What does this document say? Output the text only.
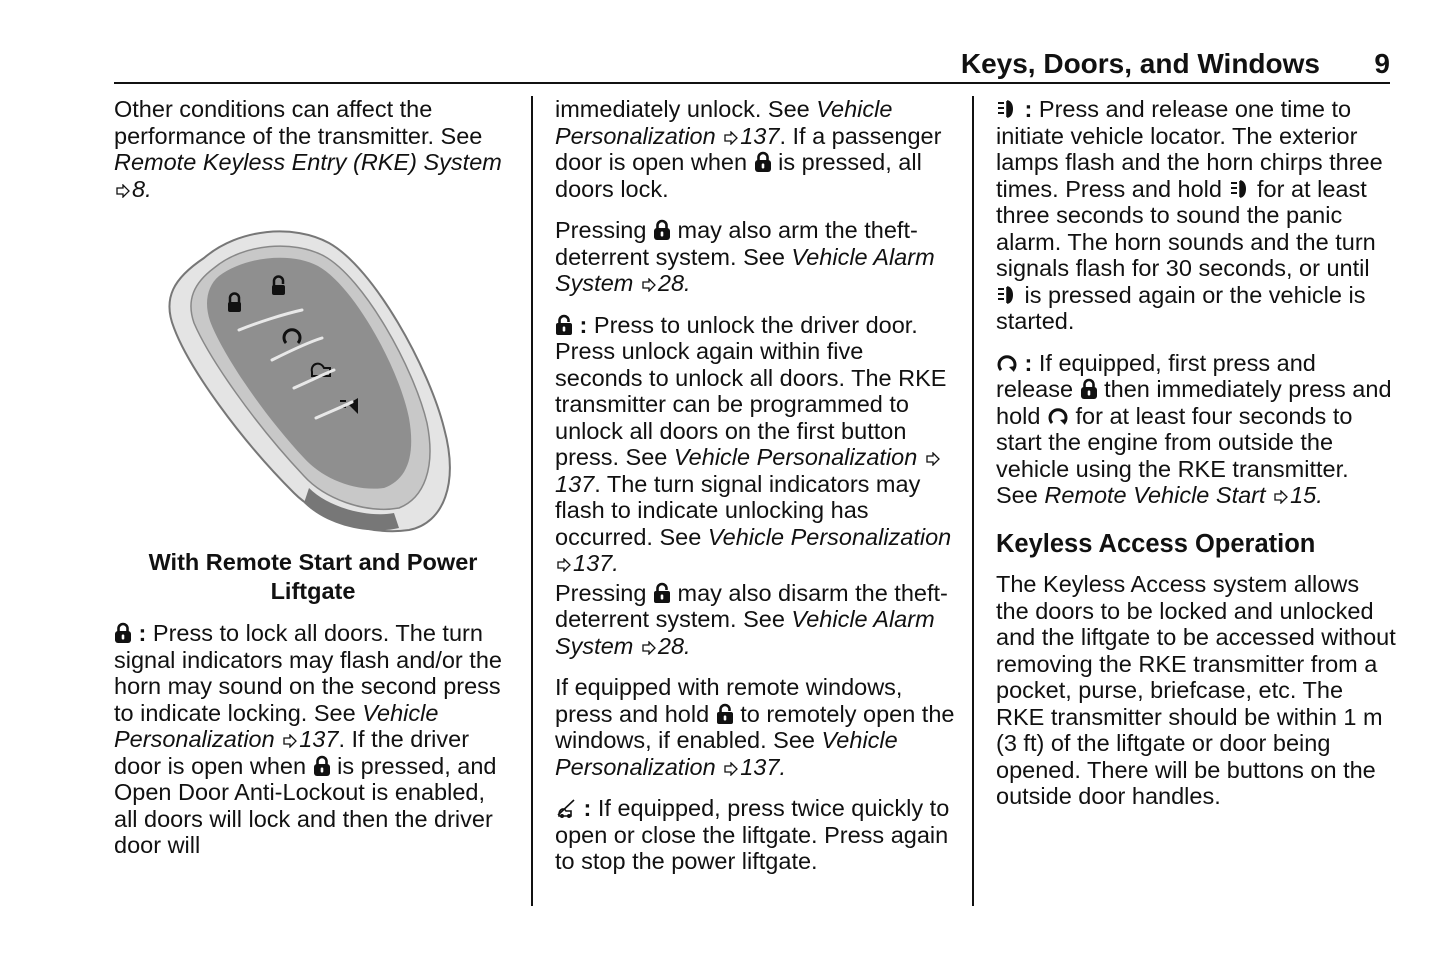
Keys, Doors, and Windows 9

Other conditions can affect the performance of the transmitter. See Remote Keyless Entry (RKE) System 8.

With Remote Start and Power Liftgate

: Press to lock all doors. The turn signal indicators may flash and/or the horn may sound on the second press to indicate locking. See Vehicle Personalization 137. If the driver door is open when  is pressed, and Open Door Anti-Lockout is enabled, all doors will lock and then the driver door will

immediately unlock. See Vehicle Personalization 137. If a passenger door is open when  is pressed, all doors lock.

Pressing  may also arm the theft-deterrent system. See Vehicle Alarm System 28.

: Press to unlock the driver door. Press unlock again within five seconds to unlock all doors. The RKE transmitter can be programmed to unlock all doors on the first button press. See Vehicle Personalization 137. The turn signal indicators may flash to indicate unlocking has occurred. See Vehicle Personalization 137.

Pressing  may also disarm the theft-deterrent system. See Vehicle Alarm System 28.

If equipped with remote windows, press and hold  to remotely open the windows, if enabled. See Vehicle Personalization 137.

: If equipped, press twice quickly to open or close the liftgate. Press again to stop the power liftgate.

: Press and release one time to initiate vehicle locator. The exterior lamps flash and the horn chirps three times. Press and hold  for at least three seconds to sound the panic alarm. The horn sounds and the turn signals flash for 30 seconds, or until  is pressed again or the vehicle is started.

: If equipped, first press and release  then immediately press and hold  for at least four seconds to start the engine from outside the vehicle using the RKE transmitter. See Remote Vehicle Start 15.

Keyless Access Operation

The Keyless Access system allows the doors to be locked and unlocked and the liftgate to be accessed without removing the RKE transmitter from a pocket, purse, briefcase, etc. The RKE transmitter should be within 1 m (3 ft) of the liftgate or door being opened. There will be buttons on the outside door handles.
